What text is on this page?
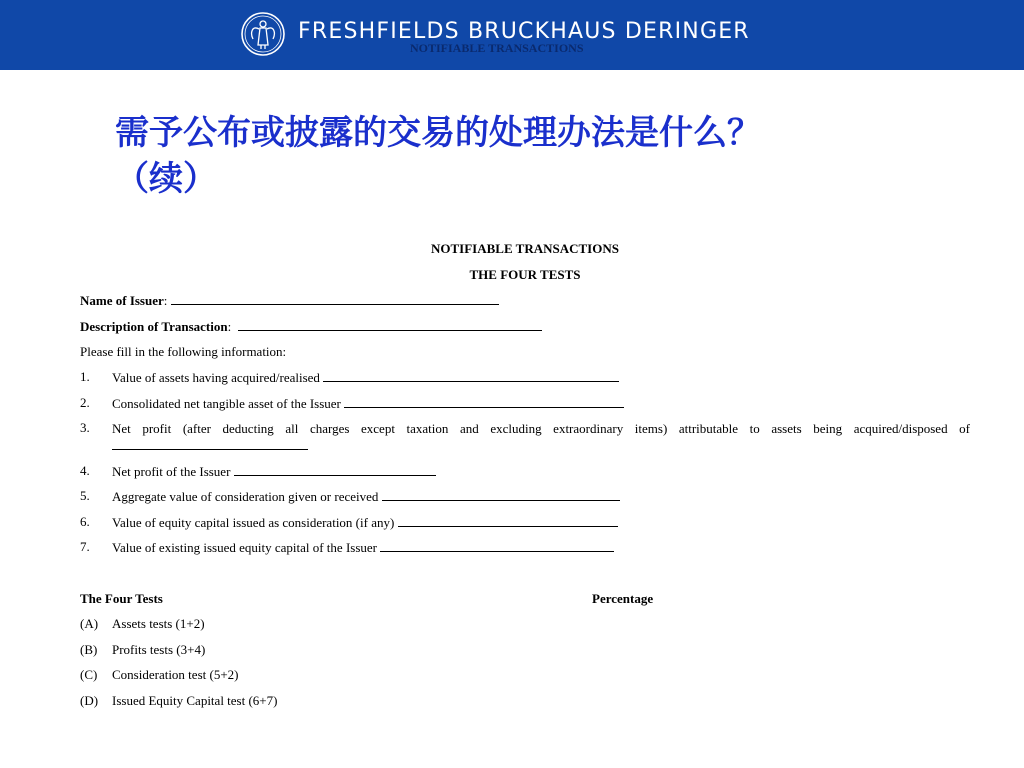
FRESHFIELDS BRUCKHAUS DERINGER
NOTIFIABLE TRANSACTIONS
需予公布或披露的交易的处理办法是什么？
（续）
NOTIFIABLE TRANSACTIONS
THE FOUR TESTS
Name of Issuer:
Description of Transaction:
Please fill in the following information:
1. Value of assets having acquired/realised
2. Consolidated net tangible asset of the Issuer
3. Net profit (after deducting all charges except taxation and excluding extraordinary items) attributable to assets being acquired/disposed of
4. Net profit of the Issuer
5. Aggregate value of consideration given or received
6. Value of equity capital issued as consideration (if any)
7. Value of existing issued equity capital of the Issuer
The Four Tests	Percentage
(A) Assets tests (1+2)
(B) Profits tests (3+4)
(C) Consideration test (5+2)
(D) Issued Equity Capital test (6+7)
